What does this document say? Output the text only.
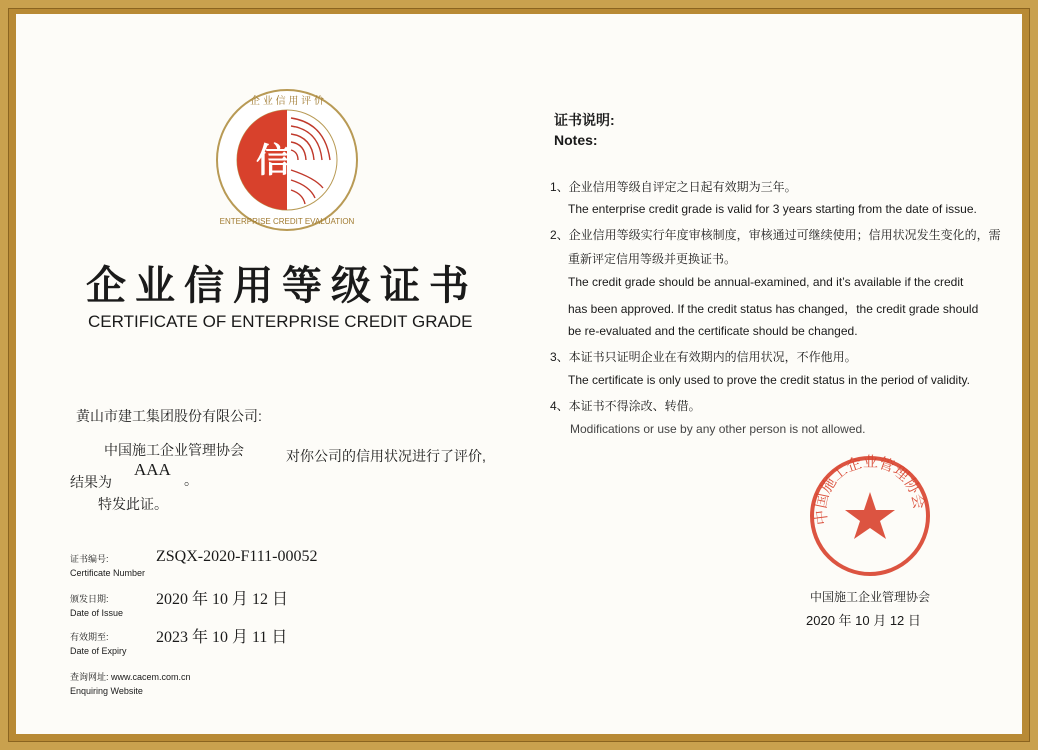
信
企 业 信 用 评 价
ENTERPRISE CREDIT EVALUATION
企业信用等级证书
CERTIFICATE OF ENTERPRISE CREDIT GRADE
黄山市建工集团股份有限公司:
中国施工企业管理协会	对你公司的信用状况进行了评价,
结果为
AAA
。
特发此证。
证书编号:
Certificate Number
ZSQX-2020-F111-00052
颁发日期:
Date of Issue
2020 年 10 月 12 日
有效期至:
Date of Expiry
2023 年 10 月 11 日
查询网址: www.cacem.com.cn
Enquiring Website
证书说明:
Notes:
1、企业信用等级自评定之日起有效期为三年。
The enterprise credit grade is valid for 3 years starting from the date of issue.
2、企业信用等级实行年度审核制度，审核通过可继续使用；信用状况发生变化的，需
重新评定信用等级并更换证书。
The credit grade should be annual-examined, and it’s available if the credit
has been approved. If the credit status has changed，the credit grade should
be re-evaluated and the certificate should be changed.
3、本证书只证明企业在有效期内的信用状况，不作他用。
The certificate is only used to prove the credit status in the period of validity.
4、本证书不得涂改、转借。
Modifications or use by any other person is not allowed.
中国施工企业管理协会
中国施工企业管理协会
2020 年 10 月 12 日
